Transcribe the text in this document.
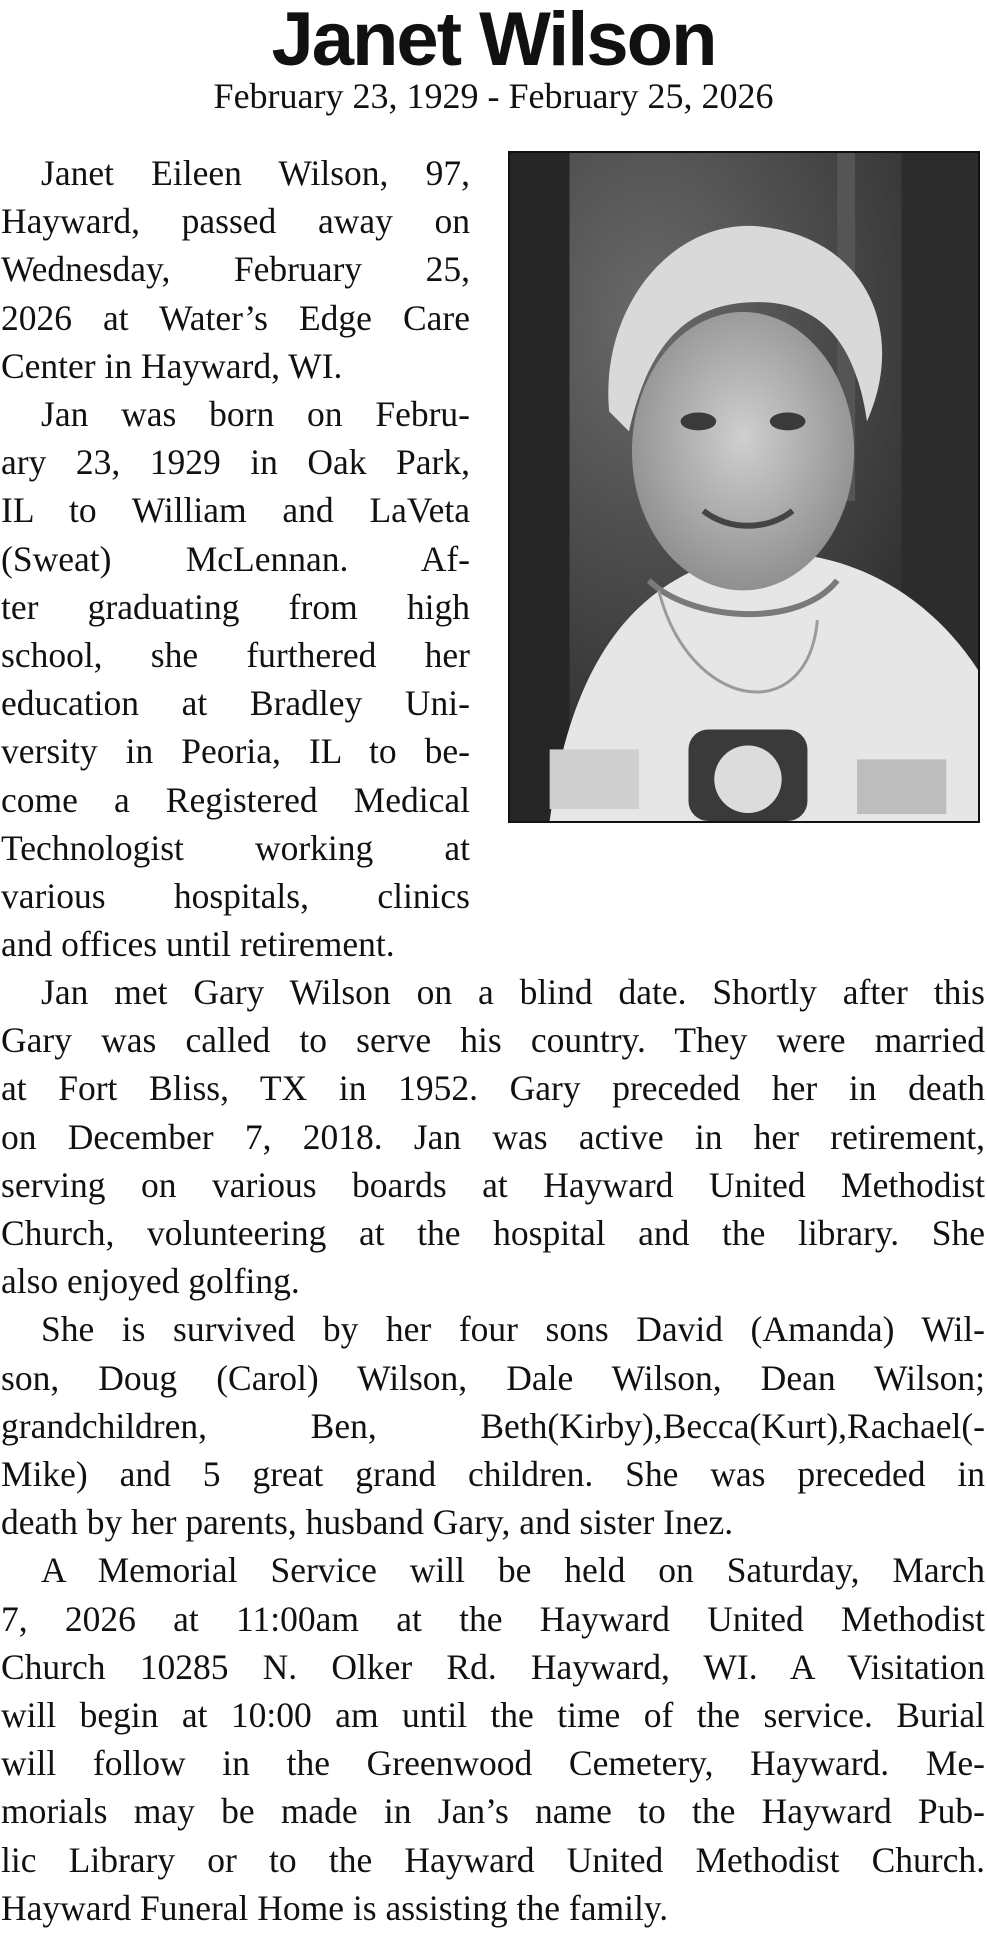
Janet Wilson
February 23, 1929 - February 25, 2026
Janet Eileen Wilson, 97,
Hayward, passed away on
Wednesday, February 25,
2026 at Water’s Edge Care
Center in Hayward, WI.
Jan was born on Febru-
ary 23, 1929 in Oak Park,
IL to William and LaVeta
(Sweat) McLennan. Af-
ter graduating from high
school, she furthered her
education at Bradley Uni-
versity in Peoria, IL to be-
come a Registered Medical
Technologist working at
various hospitals, clinics
and offices until retirement.
Jan met Gary Wilson on a blind date. Shortly after this
Gary was called to serve his country. They were married
at Fort Bliss, TX in 1952. Gary preceded her in death
on December 7, 2018. Jan was active in her retirement,
serving on various boards at Hayward United Methodist
Church, volunteering at the hospital and the library. She
also enjoyed golfing.
She is survived by her four sons David (Amanda) Wil-
son, Doug (Carol) Wilson, Dale Wilson, Dean Wilson;
grandchildren, Ben, Beth(Kirby),Becca(Kurt),Rachael(-
Mike) and 5 great grand children. She was preceded in
death by her parents, husband Gary, and sister Inez.
A Memorial Service will be held on Saturday, March
7, 2026 at 11:00am at the Hayward United Methodist
Church 10285 N. Olker Rd. Hayward, WI. A Visitation
will begin at 10:00 am until the time of the service. Burial
will follow in the Greenwood Cemetery, Hayward. Me-
morials may be made in Jan’s name to the Hayward Pub-
lic Library or to the Hayward United Methodist Church.
Hayward Funeral Home is assisting the family.
